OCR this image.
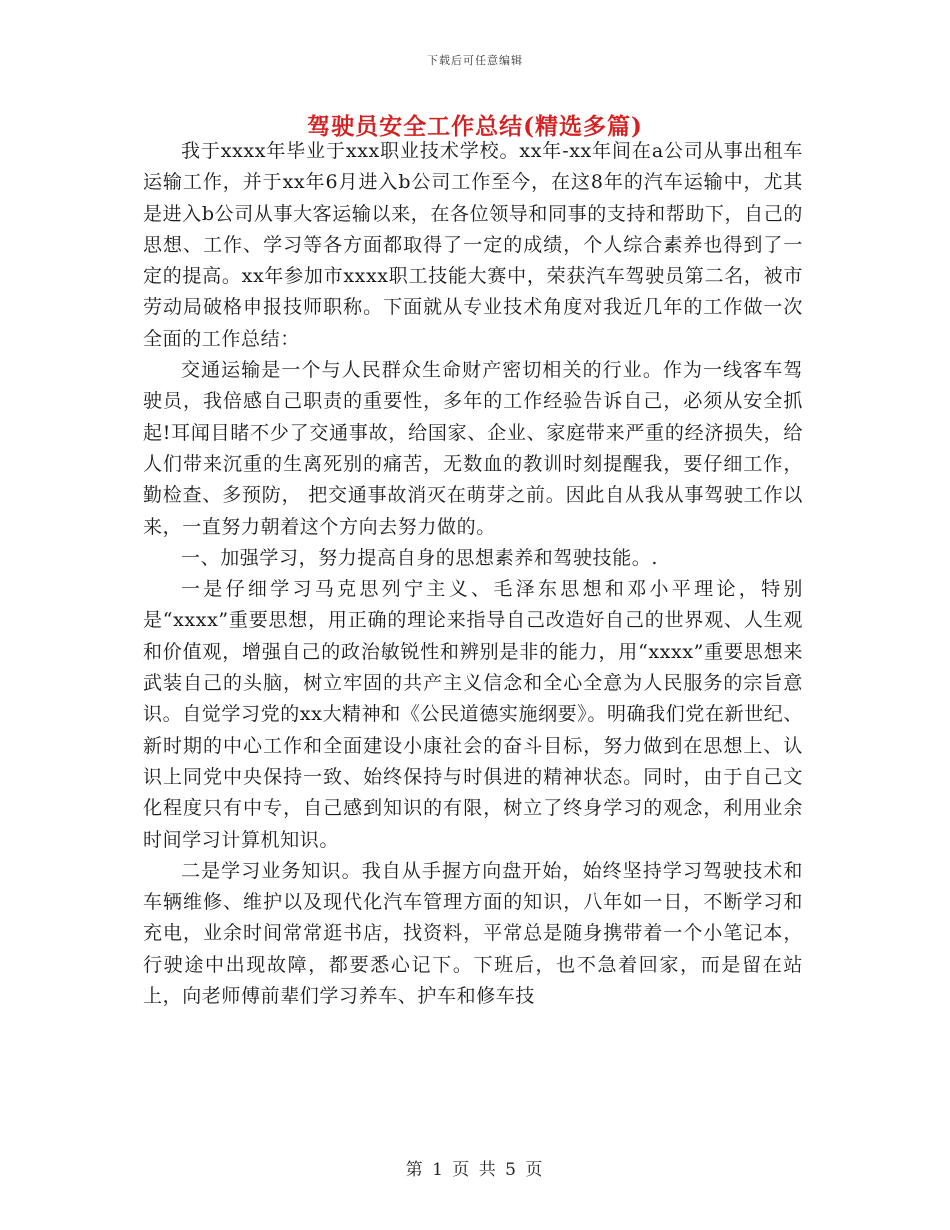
下载后可任意编辑
驾驶员安全工作总结(精选多篇)

我于xxxx年毕业于xxx职业技术学校。xx年-xx年间在a公司从事出租车运输工作，并于xx年6月进入b公司工作至今，在这8年的汽车运输中，尤其是进入b公司从事大客运输以来，在各位领导和同事的支持和帮助下，自己的思想、工作、学习等各方面都取得了一定的成绩，个人综合素养也得到了一定的提高。xx年参加市xxxx职工技能大赛中，荣获汽车驾驶员第二名，被市劳动局破格申报技师职称。下面就从专业技术角度对我近几年的工作做一次全面的工作总结：

交通运输是一个与人民群众生命财产密切相关的行业。作为一线客车驾驶员，我倍感自己职责的重要性，多年的工作经验告诉自己，必须从安全抓起!耳闻目睹不少了交通事故，给国家、企业、家庭带来严重的经济损失，给人们带来沉重的生离死别的痛苦，无数血的教训时刻提醒我，要仔细工作， 勤检查、多预防， 把交通事故消灭在萌芽之前。因此自从我从事驾驶工作以来，一直努力朝着这个方向去努力做的。

一、加强学习，努力提高自身的思想素养和驾驶技能。.

一是仔细学习马克思列宁主义、毛泽东思想和邓小平理论，特别是“xxxx”重要思想，用正确的理论来指导自己改造好自己的世界观、人生观和价值观，增强自己的政治敏锐性和辨别是非的能力，用“xxxx”重要思想来武装自己的头脑，树立牢固的共产主义信念和全心全意为人民服务的宗旨意识。自觉学习党的xx大精神和《公民道德实施纲要》。明确我们党在新世纪、新时期的中心工作和全面建设小康社会的奋斗目标，努力做到在思想上、认识上同党中央保持一致、始终保持与时俱进的精神状态。同时，由于自己文化程度只有中专，自己感到知识的有限，树立了终身学习的观念，利用业余时间学习计算机知识。

二是学习业务知识。我自从手握方向盘开始，始终坚持学习驾驶技术和车辆维修、维护以及现代化汽车管理方面的知识，八年如一日，不断学习和充电，业余时间常常逛书店，找资料，平常总是随身携带着一个小笔记本，行驶途中出现故障，都要悉心记下。下班后，也不急着回家，而是留在站上，向老师傅前辈们学习养车、护车和修车技

第 1 页 共 5 页
